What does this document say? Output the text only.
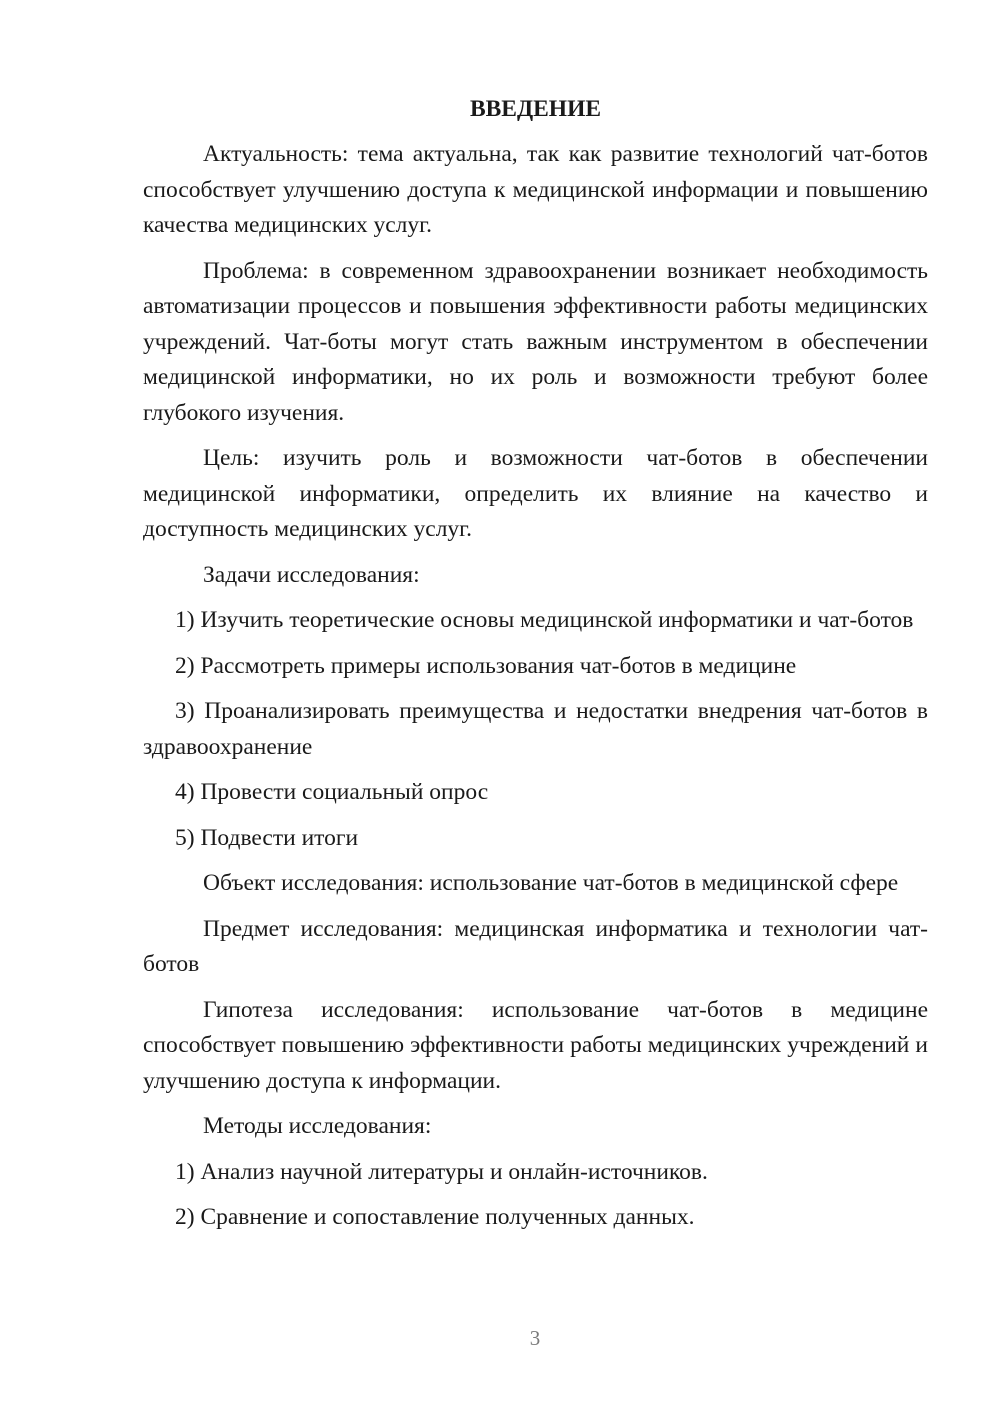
ВВЕДЕНИЕ

Актуальность: тема актуальна, так как развитие технологий чат-ботов способствует улучшению доступа к медицинской информации и повышению качества медицинских услуг.

Проблема: в современном здравоохранении возникает необходимость автоматизации процессов и повышения эффективности работы медицинских учреждений. Чат-боты могут стать важным инструментом в обеспечении медицинской информатики, но их роль и возможности требуют более глубокого изучения.

Цель: изучить роль и возможности чат-ботов в обеспечении медицинской информатики, определить их влияние на качество и доступность медицинских услуг.

Задачи исследования:

1) Изучить теоретические основы медицинской информатики и чат-ботов

2) Рассмотреть примеры использования чат-ботов в медицине

3) Проанализировать преимущества и недостатки внедрения чат-ботов в здравоохранение

4) Провести социальный опрос

5) Подвести итоги

Объект исследования: использование чат-ботов в медицинской сфере

Предмет исследования: медицинская информатика и технологии чат-ботов

Гипотеза исследования: использование чат-ботов в медицине способствует повышению эффективности работы медицинских учреждений и улучшению доступа к информации.

Методы исследования:

1) Анализ научной литературы и онлайн-источников.

2) Сравнение и сопоставление полученных данных.

3
